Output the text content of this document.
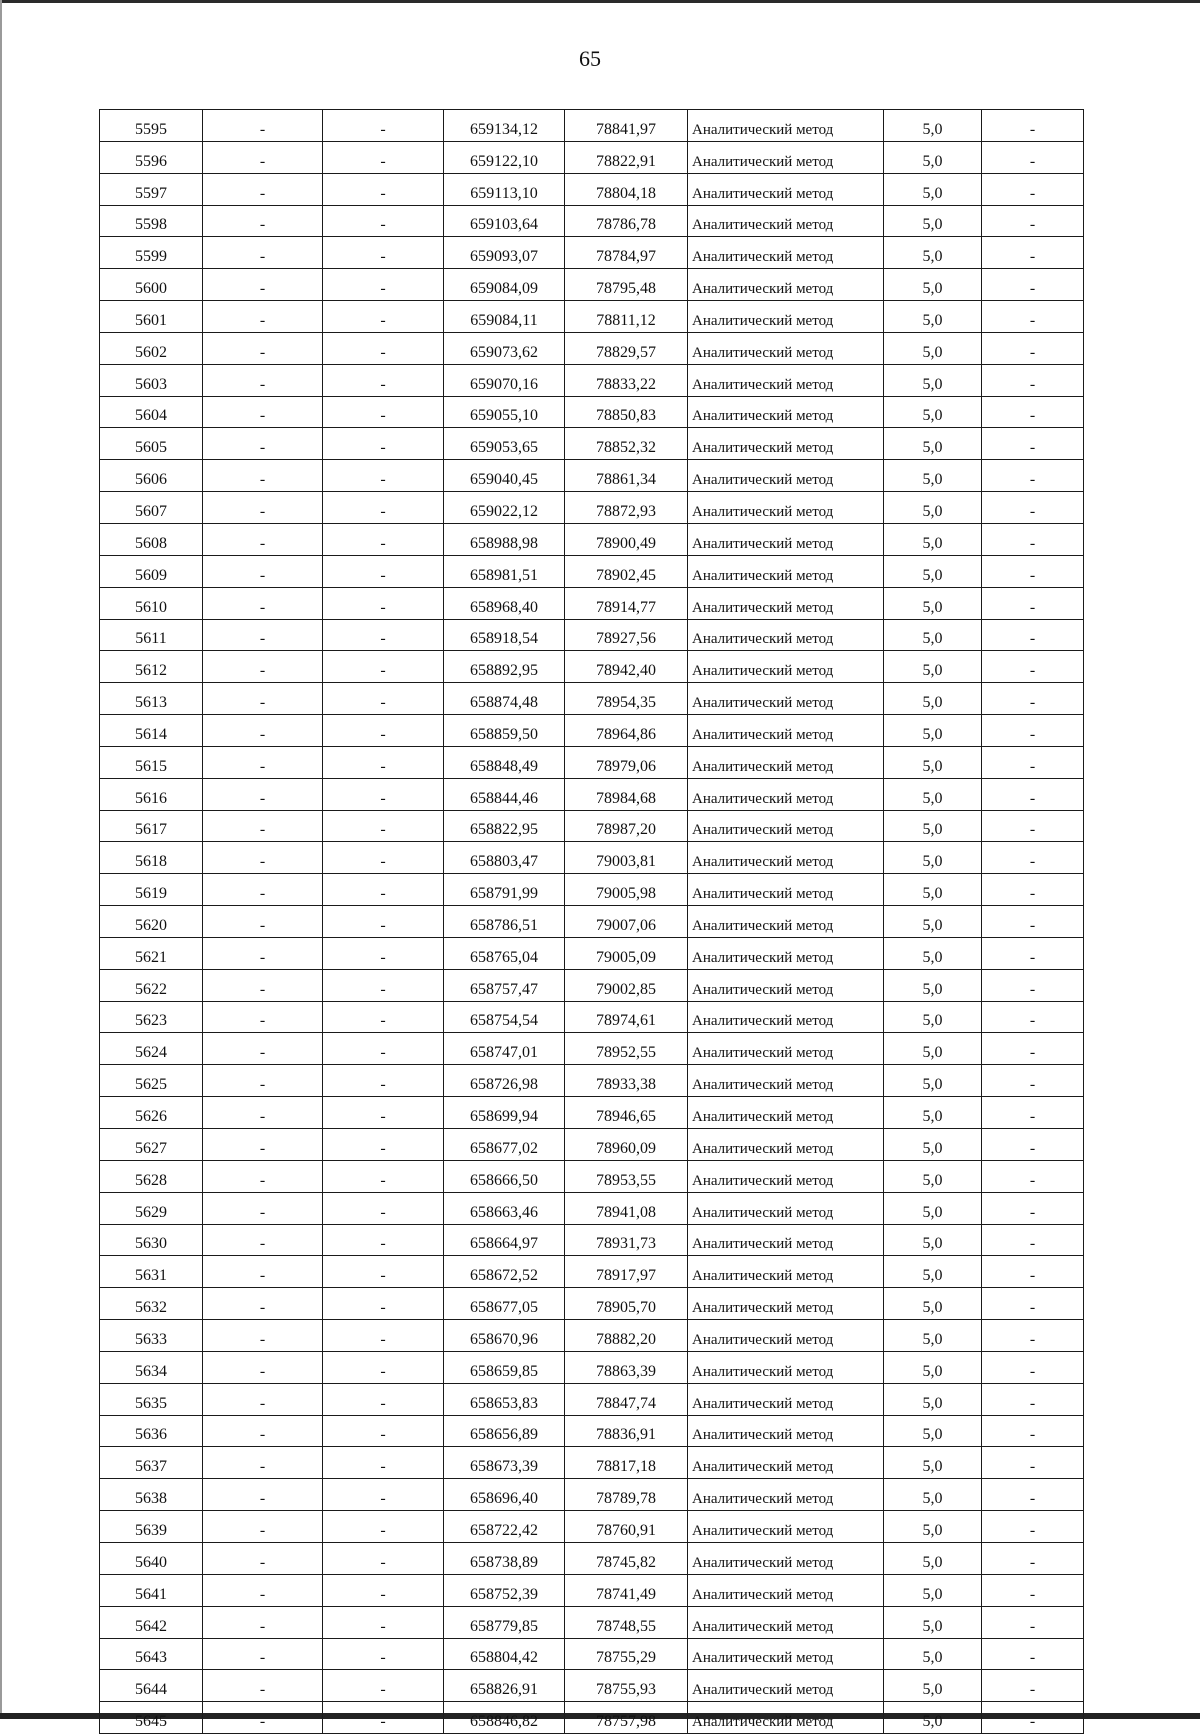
65
5595	-	-	659134,12	78841,97	Аналитический метод	5,0	-
5596	-	-	659122,10	78822,91	Аналитический метод	5,0	-
5597	-	-	659113,10	78804,18	Аналитический метод	5,0	-
5598	-	-	659103,64	78786,78	Аналитический метод	5,0	-
5599	-	-	659093,07	78784,97	Аналитический метод	5,0	-
5600	-	-	659084,09	78795,48	Аналитический метод	5,0	-
5601	-	-	659084,11	78811,12	Аналитический метод	5,0	-
5602	-	-	659073,62	78829,57	Аналитический метод	5,0	-
5603	-	-	659070,16	78833,22	Аналитический метод	5,0	-
5604	-	-	659055,10	78850,83	Аналитический метод	5,0	-
5605	-	-	659053,65	78852,32	Аналитический метод	5,0	-
5606	-	-	659040,45	78861,34	Аналитический метод	5,0	-
5607	-	-	659022,12	78872,93	Аналитический метод	5,0	-
5608	-	-	658988,98	78900,49	Аналитический метод	5,0	-
5609	-	-	658981,51	78902,45	Аналитический метод	5,0	-
5610	-	-	658968,40	78914,77	Аналитический метод	5,0	-
5611	-	-	658918,54	78927,56	Аналитический метод	5,0	-
5612	-	-	658892,95	78942,40	Аналитический метод	5,0	-
5613	-	-	658874,48	78954,35	Аналитический метод	5,0	-
5614	-	-	658859,50	78964,86	Аналитический метод	5,0	-
5615	-	-	658848,49	78979,06	Аналитический метод	5,0	-
5616	-	-	658844,46	78984,68	Аналитический метод	5,0	-
5617	-	-	658822,95	78987,20	Аналитический метод	5,0	-
5618	-	-	658803,47	79003,81	Аналитический метод	5,0	-
5619	-	-	658791,99	79005,98	Аналитический метод	5,0	-
5620	-	-	658786,51	79007,06	Аналитический метод	5,0	-
5621	-	-	658765,04	79005,09	Аналитический метод	5,0	-
5622	-	-	658757,47	79002,85	Аналитический метод	5,0	-
5623	-	-	658754,54	78974,61	Аналитический метод	5,0	-
5624	-	-	658747,01	78952,55	Аналитический метод	5,0	-
5625	-	-	658726,98	78933,38	Аналитический метод	5,0	-
5626	-	-	658699,94	78946,65	Аналитический метод	5,0	-
5627	-	-	658677,02	78960,09	Аналитический метод	5,0	-
5628	-	-	658666,50	78953,55	Аналитический метод	5,0	-
5629	-	-	658663,46	78941,08	Аналитический метод	5,0	-
5630	-	-	658664,97	78931,73	Аналитический метод	5,0	-
5631	-	-	658672,52	78917,97	Аналитический метод	5,0	-
5632	-	-	658677,05	78905,70	Аналитический метод	5,0	-
5633	-	-	658670,96	78882,20	Аналитический метод	5,0	-
5634	-	-	658659,85	78863,39	Аналитический метод	5,0	-
5635	-	-	658653,83	78847,74	Аналитический метод	5,0	-
5636	-	-	658656,89	78836,91	Аналитический метод	5,0	-
5637	-	-	658673,39	78817,18	Аналитический метод	5,0	-
5638	-	-	658696,40	78789,78	Аналитический метод	5,0	-
5639	-	-	658722,42	78760,91	Аналитический метод	5,0	-
5640	-	-	658738,89	78745,82	Аналитический метод	5,0	-
5641	-	-	658752,39	78741,49	Аналитический метод	5,0	-
5642	-	-	658779,85	78748,55	Аналитический метод	5,0	-
5643	-	-	658804,42	78755,29	Аналитический метод	5,0	-
5644	-	-	658826,91	78755,93	Аналитический метод	5,0	-
5645	-	-	658846,82	78757,98	Аналитический метод	5,0	-
